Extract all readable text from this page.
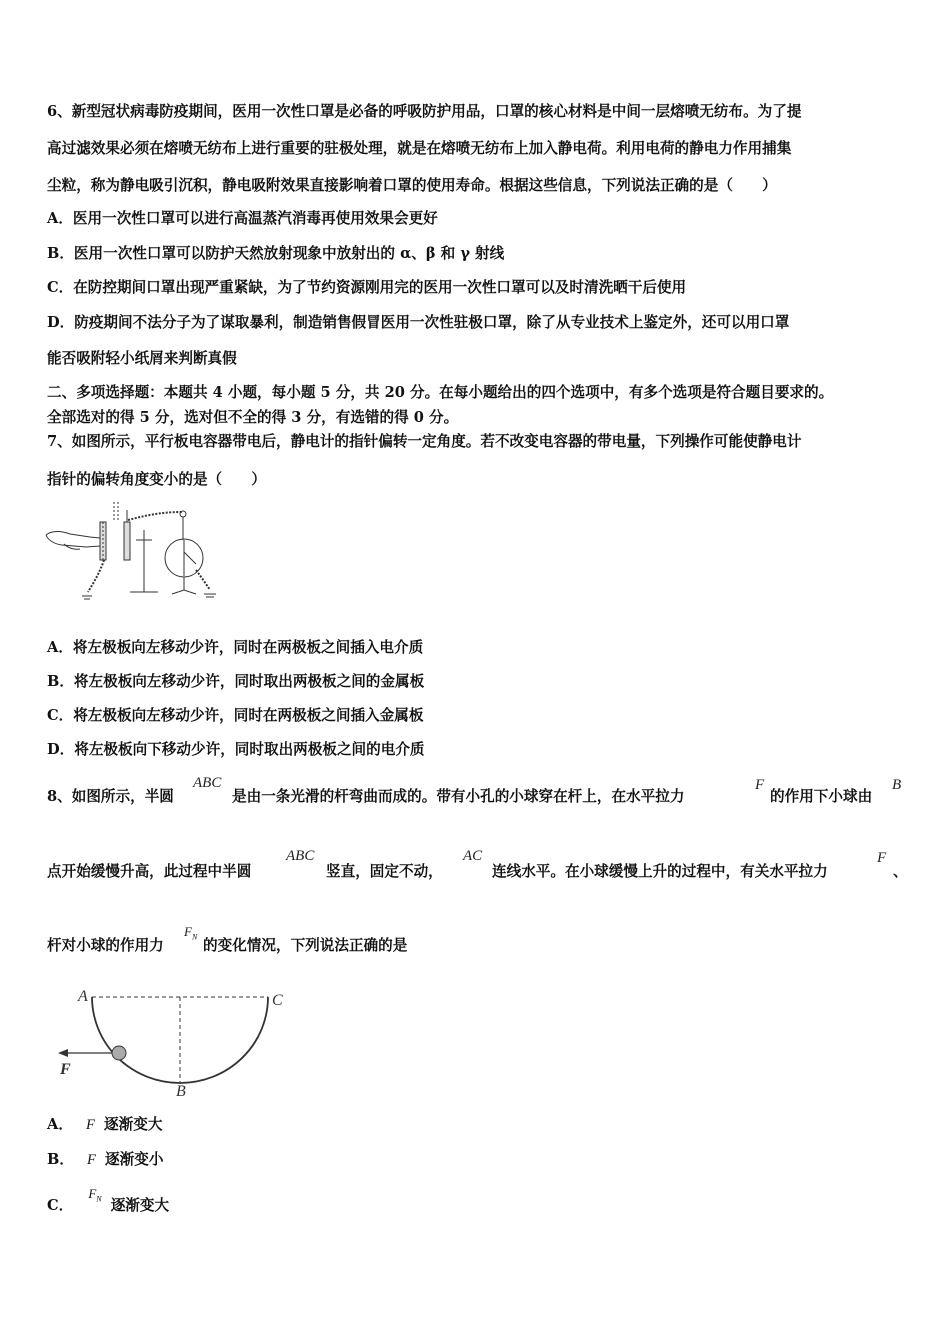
6、新型冠状病毒防疫期间，医用一次性口罩是必备的呼吸防护用品，口罩的核心材料是中间一层熔喷无纺布。为了提
高过滤效果必须在熔喷无纺布上进行重要的驻极处理，就是在熔喷无纺布上加入静电荷。利用电荷的静电力作用捕集
尘粒，称为静电吸引沉积，静电吸附效果直接影响着口罩的使用寿命。根据这些信息，下列说法正确的是（　　）
A．医用一次性口罩可以进行高温蒸汽消毒再使用效果会更好
B．医用一次性口罩可以防护天然放射现象中放射出的 α、β 和 γ 射线
C．在防控期间口罩出现严重紧缺，为了节约资源刚用完的医用一次性口罩可以及时清洗晒干后使用
D．防疫期间不法分子为了谋取暴利，制造销售假冒医用一次性驻极口罩，除了从专业技术上鉴定外，还可以用口罩
能否吸附轻小纸屑来判断真假
二、多项选择题：本题共 4 小题，每小题 5 分，共 20 分。在每小题给出的四个选项中，有多个选项是符合题目要求的。
全部选对的得 5 分，选对但不全的得 3 分，有选错的得 0 分。
7、如图所示，平行板电容器带电后，静电计的指针偏转一定角度。若不改变电容器的带电量，下列操作可能使静电计
指针的偏转角度变小的是（　　）
A．将左极板向左移动少许，同时在两极板之间插入电介质
B．将左极板向左移动少许，同时取出两极板之间的金属板
C．将左极板向左移动少许，同时在两极板之间插入金属板
D．将左极板向下移动少许，同时取出两极板之间的电介质
8、如图所示，半圆
ABC
是由一条光滑的杆弯曲而成的。带有小孔的小球穿在杆上，在水平拉力
F
的作用下小球由
B
点开始缓慢升高，此过程中半圆
ABC
竖直，固定不动，
AC
连线水平。在小球缓慢上升的过程中，有关水平拉力
F
、
杆对小球的作用力
$F_N$ 的变化情况，下列说法正确的是
A	C
B
F
A． F 逐渐变大
B． F 逐渐变小
C． $F_N$ 逐渐变大
